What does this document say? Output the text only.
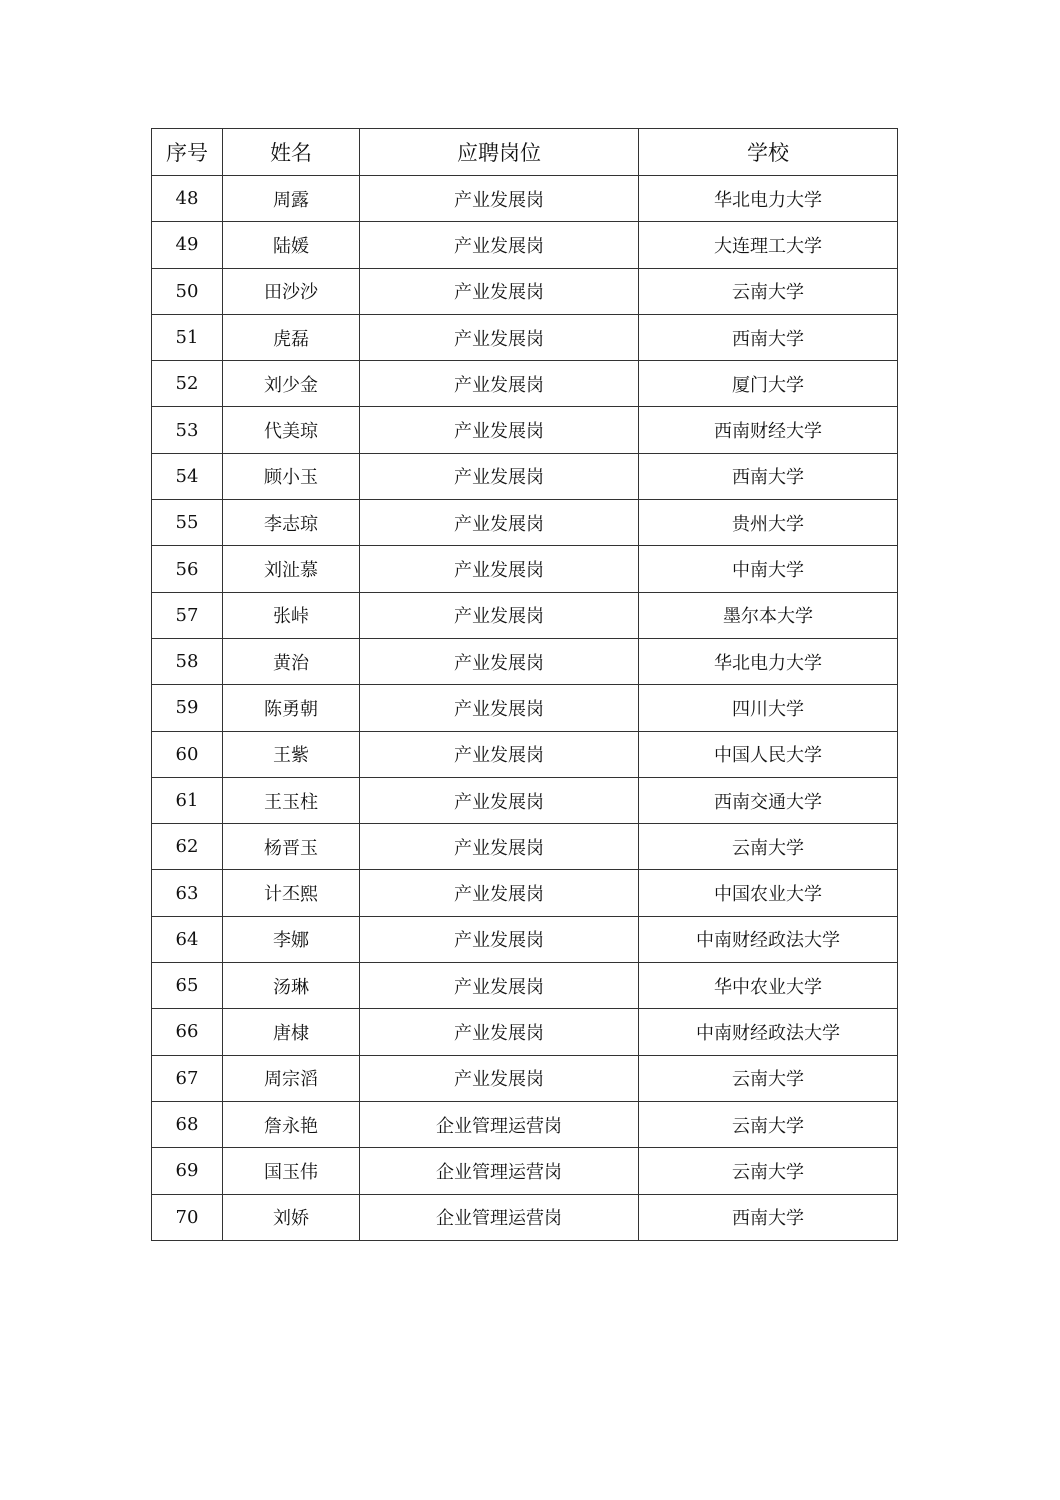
序号	姓名	应聘岗位	学校
48	周露	产业发展岗	华北电力大学
49	陆媛	产业发展岗	大连理工大学
50	田沙沙	产业发展岗	云南大学
51	虎磊	产业发展岗	西南大学
52	刘少金	产业发展岗	厦门大学
53	代美琼	产业发展岗	西南财经大学
54	顾小玉	产业发展岗	西南大学
55	李志琼	产业发展岗	贵州大学
56	刘沚慕	产业发展岗	中南大学
57	张峠	产业发展岗	墨尔本大学
58	黄治	产业发展岗	华北电力大学
59	陈勇朝	产业发展岗	四川大学
60	王紫	产业发展岗	中国人民大学
61	王玉柱	产业发展岗	西南交通大学
62	杨晋玉	产业发展岗	云南大学
63	计丕熙	产业发展岗	中国农业大学
64	李娜	产业发展岗	中南财经政法大学
65	汤琳	产业发展岗	华中农业大学
66	唐棣	产业发展岗	中南财经政法大学
67	周宗滔	产业发展岗	云南大学
68	詹永艳	企业管理运营岗	云南大学
69	国玉伟	企业管理运营岗	云南大学
70	刘娇	企业管理运营岗	西南大学
